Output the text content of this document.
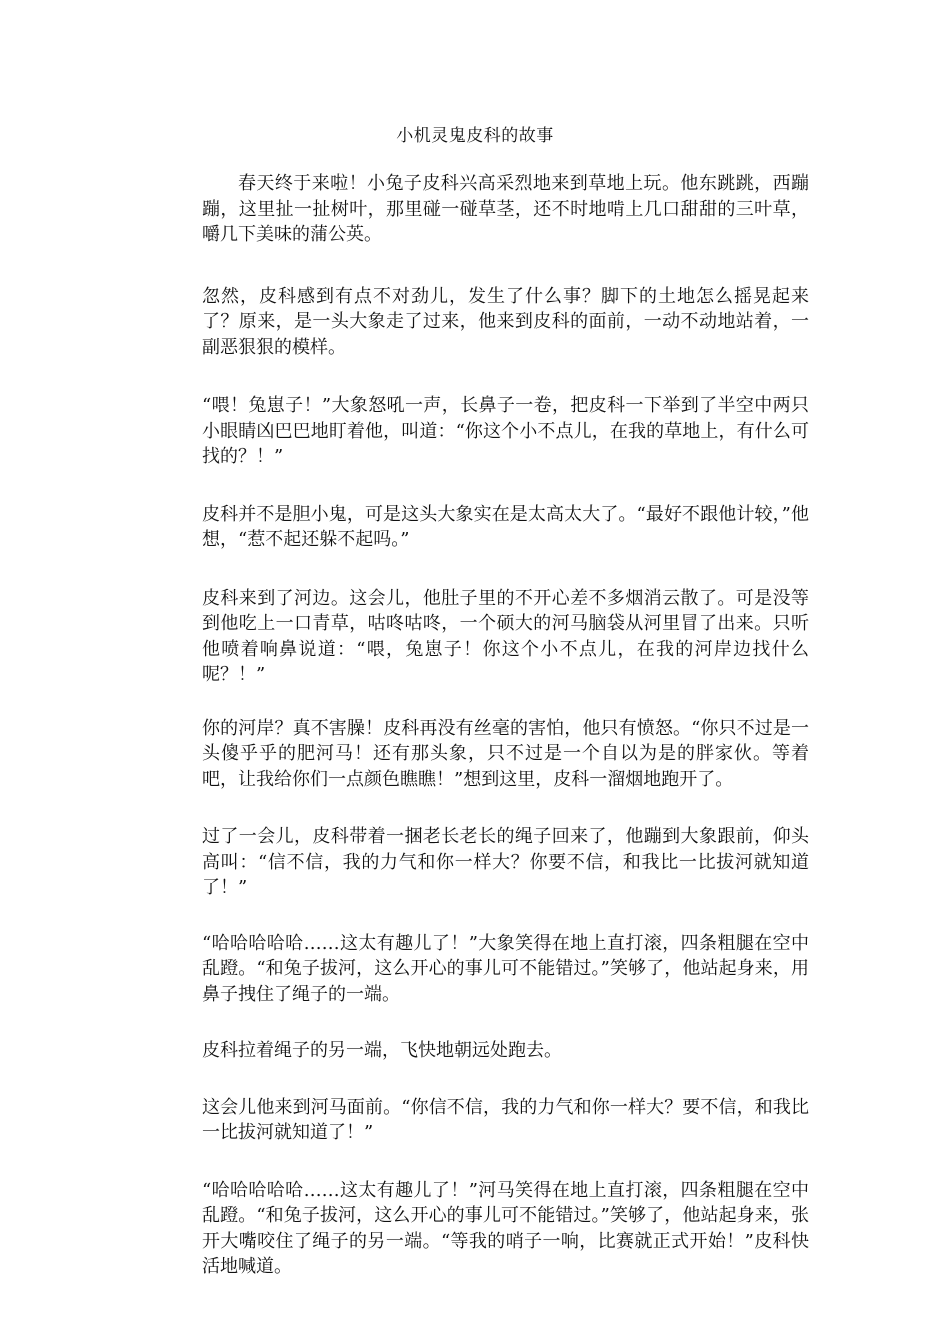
小机灵鬼皮科的故事

春天终于来啦！小兔子皮科兴高采烈地来到草地上玩。他东跳跳，西蹦蹦，这里扯一扯树叶，那里碰一碰草茎，还不时地啃上几口甜甜的三叶草，嚼几下美味的蒲公英。

忽然，皮科感到有点不对劲儿，发生了什么事？脚下的土地怎么摇晃起来了？原来，是一头大象走了过来，他来到皮科的面前，一动不动地站着，一副恶狠狠的模样。

“喂！兔崽子！”大象怒吼一声，长鼻子一卷，把皮科一下举到了半空中两只小眼睛凶巴巴地盯着他，叫道：“你这个小不点儿，在我的草地上，有什么可找的？！”

皮科并不是胆小鬼，可是这头大象实在是太高太大了。“最好不跟他计较，”他想，“惹不起还躲不起吗。”

皮科来到了河边。这会儿，他肚子里的不开心差不多烟消云散了。可是没等到他吃上一口青草，咕咚咕咚，一个硕大的河马脑袋从河里冒了出来。只听他喷着响鼻说道：“喂，兔崽子！你这个小不点儿，在我的河岸边找什么呢？！”

你的河岸？真不害臊！皮科再没有丝毫的害怕，他只有愤怒。“你只不过是一头傻乎乎的肥河马！还有那头象，只不过是一个自以为是的胖家伙。等着吧，让我给你们一点颜色瞧瞧！”想到这里，皮科一溜烟地跑开了。

过了一会儿，皮科带着一捆老长老长的绳子回来了，他蹦到大象跟前，仰头高叫：“信不信，我的力气和你一样大？你要不信，和我比一比拔河就知道了！”

“哈哈哈哈哈……这太有趣儿了！”大象笑得在地上直打滚，四条粗腿在空中乱蹬。“和兔子拔河，这么开心的事儿可不能错过。”笑够了，他站起身来，用鼻子拽住了绳子的一端。

皮科拉着绳子的另一端，飞快地朝远处跑去。

这会儿他来到河马面前。“你信不信，我的力气和你一样大？要不信，和我比一比拔河就知道了！”

“哈哈哈哈哈……这太有趣儿了！”河马笑得在地上直打滚，四条粗腿在空中乱蹬。“和兔子拔河，这么开心的事儿可不能错过。”笑够了，他站起身来，张开大嘴咬住了绳子的另一端。“等我的哨子一响，比赛就正式开始！”皮科快活地喊道。
